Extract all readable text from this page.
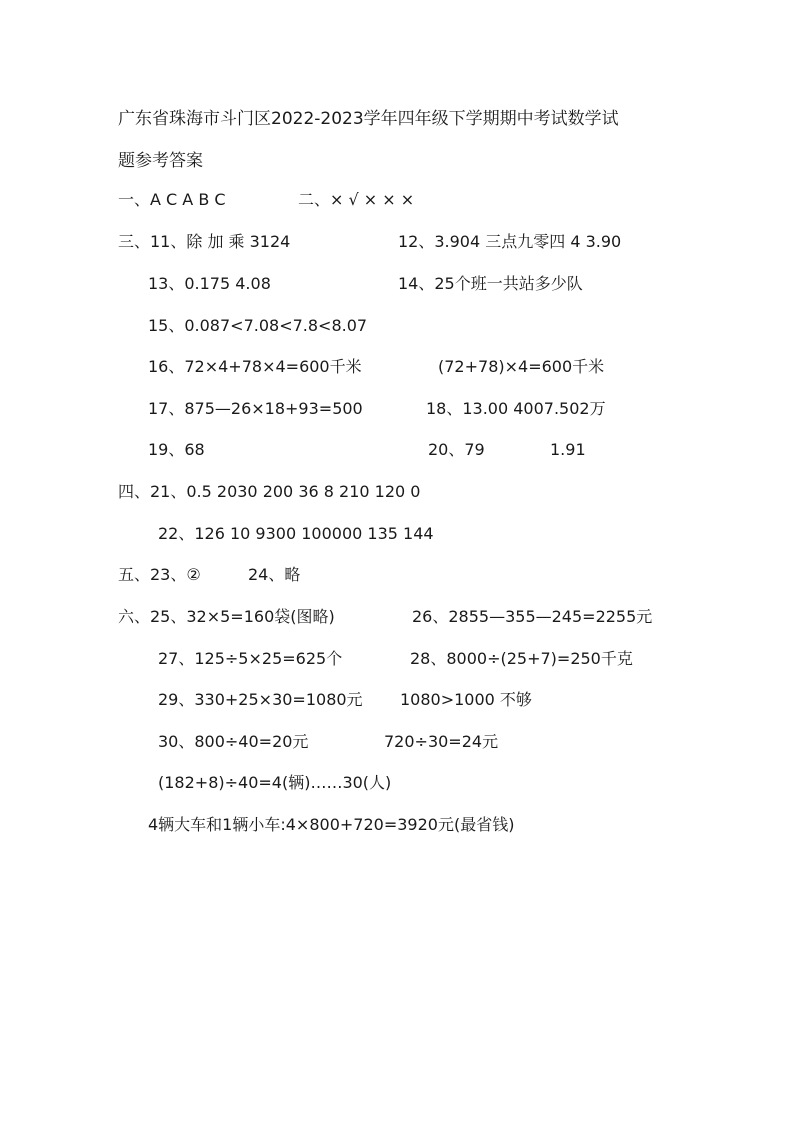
广东省珠海市斗门区2022-2023学年四年级下学期期中考试数学试
题参考答案
一、A C A B C	二、× √ × × ×
三、11、除 加 乘 3124	12、3.904 三点九零四 4 3.90
13、0.175 4.08	14、25个班一共站多少队
15、0.087<7.08<7.8<8.07
16、72×4+78×4=600千米	(72+78)×4=600千米
17、875—26×18+93=500	18、13.00 4007.502万
19、68	20、79	1.91
四、21、0.5 2030 200 36 8 210 120 0
22、126 10 9300 100000 135 144
五、23、②	24、略
六、25、32×5=160袋(图略)	26、2855—355—245=2255元
27、125÷5×25=625个	28、8000÷(25+7)=250千克
29、330+25×30=1080元 1080>1000 不够
30、800÷40=20元	720÷30=24元
(182+8)÷40=4(辆)……30(人)
4辆大车和1辆小车:4×800+720=3920元(最省钱)
